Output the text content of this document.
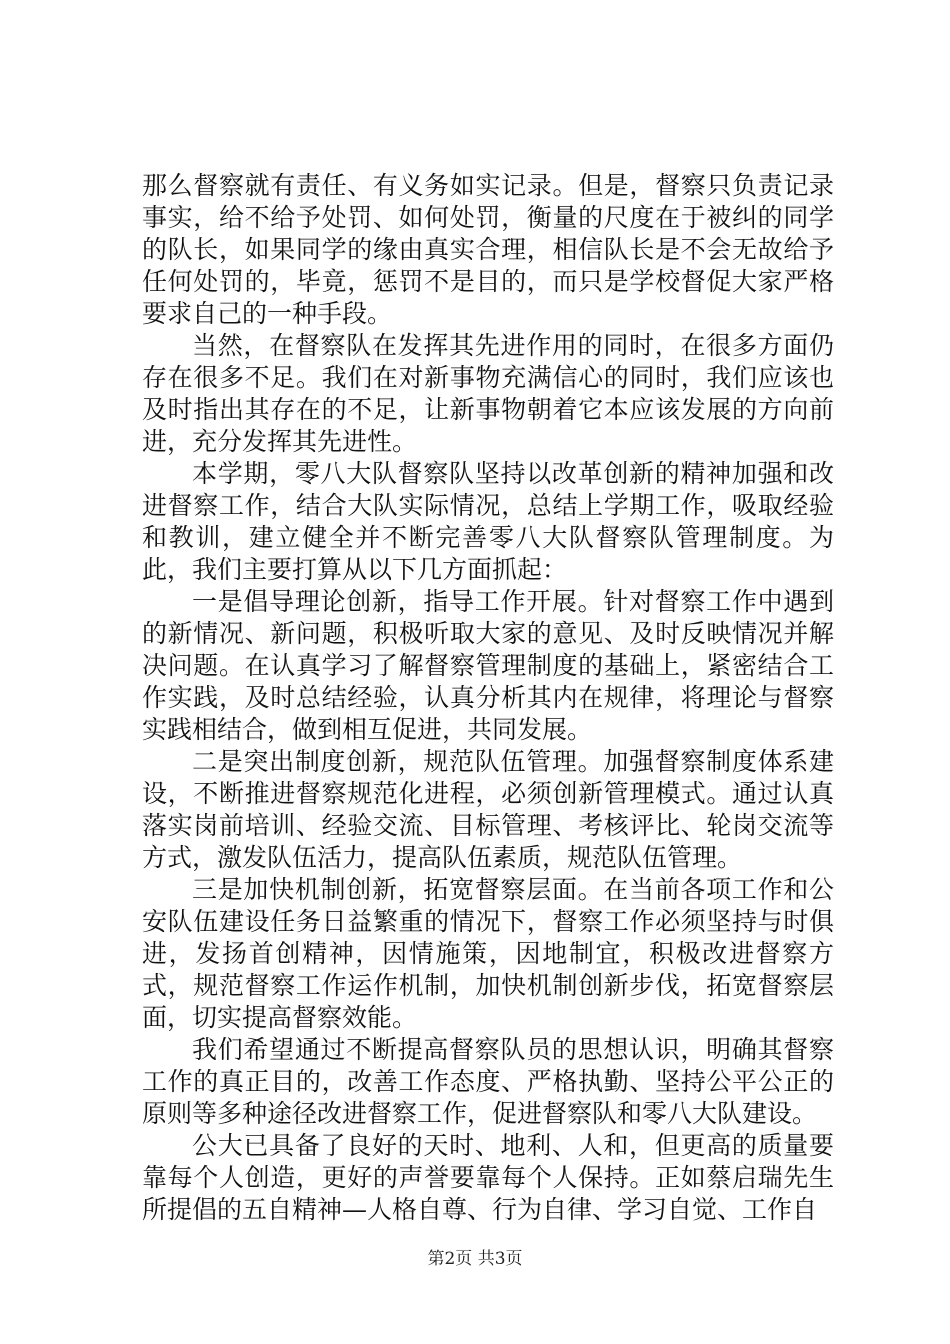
那么督察就有责任、有义务如实记录。但是，督察只负责记录事实，给不给予处罚、如何处罚，衡量的尺度在于被纠的同学的队长，如果同学的缘由真实合理，相信队长是不会无故给予任何处罚的，毕竟，惩罚不是目的，而只是学校督促大家严格要求自己的一种手段。

当然，在督察队在发挥其先进作用的同时，在很多方面仍存在很多不足。我们在对新事物充满信心的同时，我们应该也及时指出其存在的不足，让新事物朝着它本应该发展的方向前进，充分发挥其先进性。

本学期，零八大队督察队坚持以改革创新的精神加强和改进督察工作，结合大队实际情况，总结上学期工作，吸取经验和教训，建立健全并不断完善零八大队督察队管理制度。为此，我们主要打算从以下几方面抓起：

一是倡导理论创新，指导工作开展。针对督察工作中遇到的新情况、新问题，积极听取大家的意见、及时反映情况并解决问题。在认真学习了解督察管理制度的基础上，紧密结合工作实践，及时总结经验，认真分析其内在规律，将理论与督察实践相结合，做到相互促进，共同发展。

二是突出制度创新，规范队伍管理。加强督察制度体系建设，不断推进督察规范化进程，必须创新管理模式。通过认真落实岗前培训、经验交流、目标管理、考核评比、轮岗交流等方式，激发队伍活力，提高队伍素质，规范队伍管理。

三是加快机制创新，拓宽督察层面。在当前各项工作和公安队伍建设任务日益繁重的情况下，督察工作必须坚持与时俱进，发扬首创精神，因情施策，因地制宜，积极改进督察方式，规范督察工作运作机制，加快机制创新步伐，拓宽督察层面，切实提高督察效能。

我们希望通过不断提高督察队员的思想认识，明确其督察工作的真正目的，改善工作态度、严格执勤、坚持公平公正的原则等多种途径改进督察工作，促进督察队和零八大队建设。

公大已具备了良好的天时、地利、人和，但更高的质量要靠每个人创造，更好的声誉要靠每个人保持。正如蔡启瑞先生所提倡的五自精神—人格自尊、行为自律、学习自觉、工作自

第2页 共3页
